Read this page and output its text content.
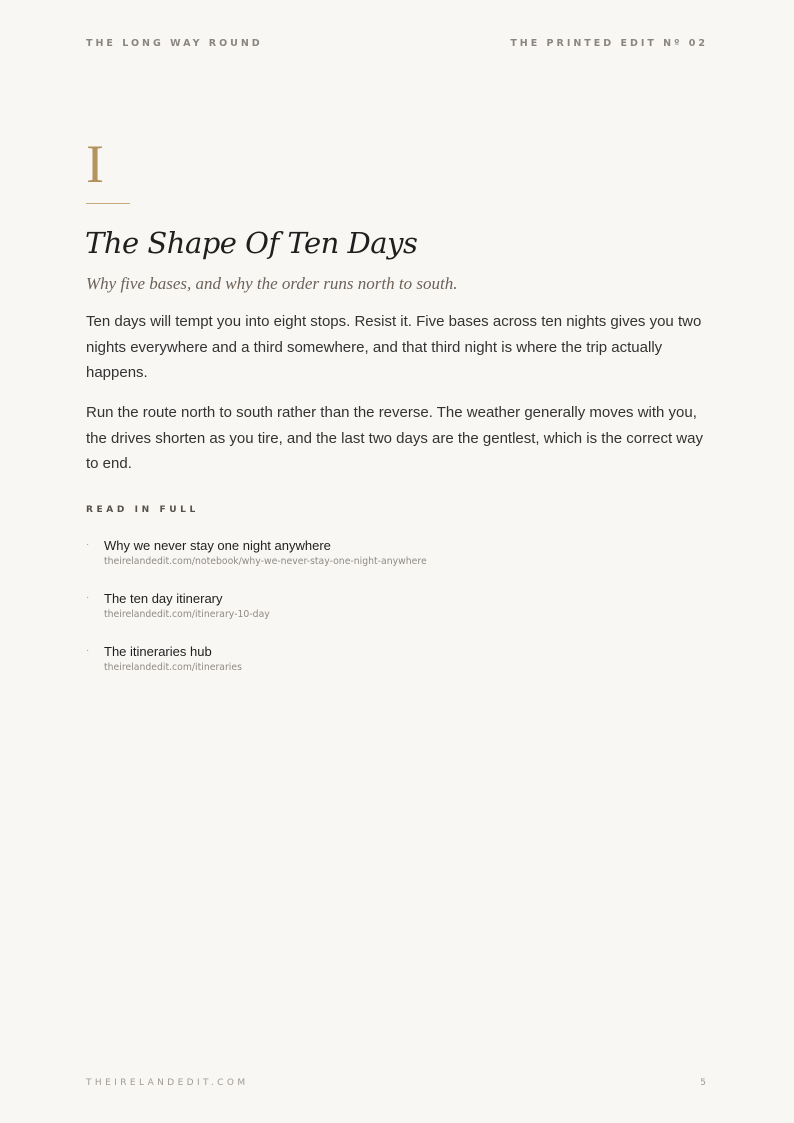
THE LONG WAY ROUND	THE PRINTED EDIT Nº 02
I
The Shape Of Ten Days

Why five bases, and why the order runs north to south.

Ten days will tempt you into eight stops. Resist it. Five bases across ten nights gives you two nights everywhere and a third somewhere, and that third night is where the trip actually happens.

Run the route north to south rather than the reverse. The weather generally moves with you, the drives shorten as you tire, and the last two days are the gentlest, which is the correct way to end.

READ IN FULL
· Why we never stay one night anywhere
theirelandedit.com/notebook/why-we-never-stay-one-night-anywhere
· The ten day itinerary
theirelandedit.com/itinerary-10-day
· The itineraries hub
theirelandedit.com/itineraries
THEIRELANDEDIT.COM	5
